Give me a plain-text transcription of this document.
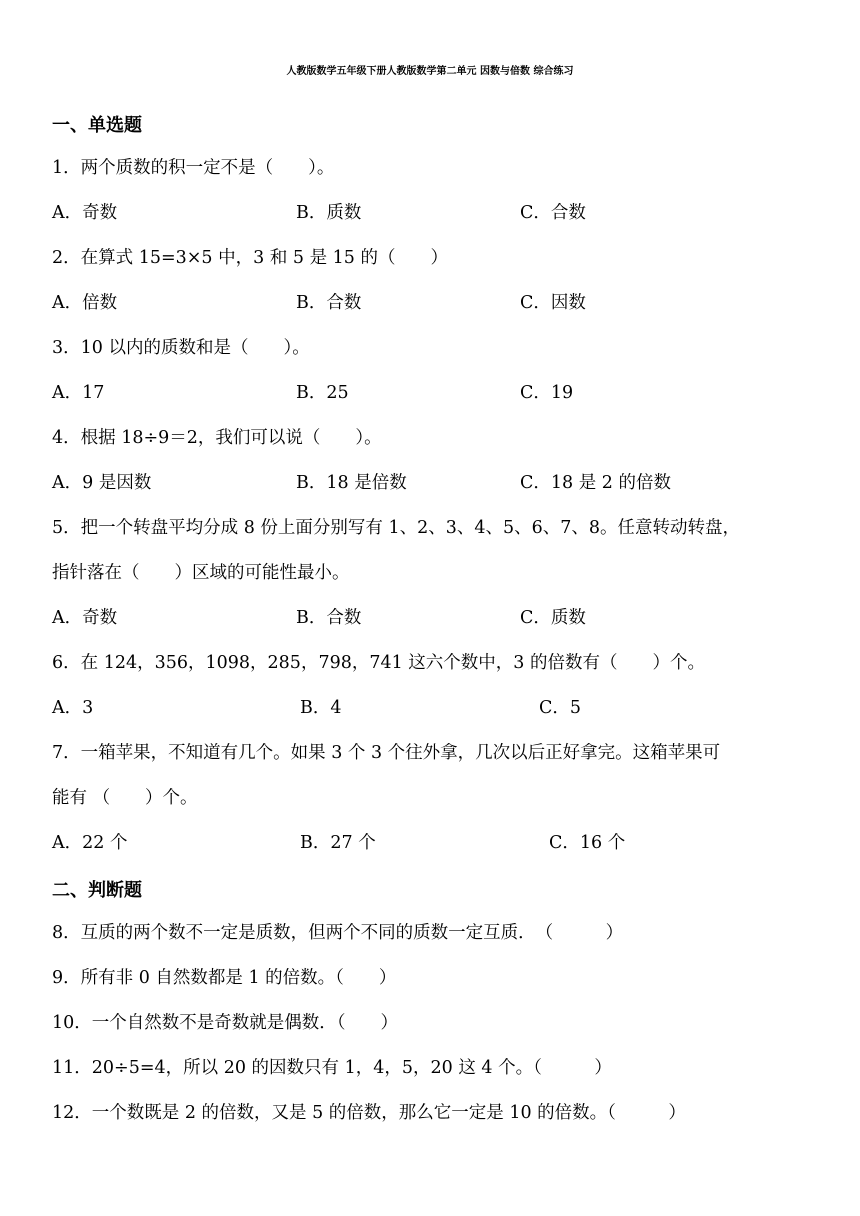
人教版数学五年级下册人教版数学第二单元 因数与倍数 综合练习
一、单选题
1．两个质数的积一定不是（　　）。
A．奇数	B．质数	C．合数
2．在算式 15=3×5 中，3 和 5 是 15 的（　　）
A．倍数	B．合数	C．因数
3．10 以内的质数和是（　　）。
A．17	B．25	C．19
4．根据 18÷9＝2，我们可以说（　　）。
A．9 是因数	B．18 是倍数	C．18 是 2 的倍数
5．把一个转盘平均分成 8 份上面分别写有 1、2、3、4、5、6、7、8。任意转动转盘，
指针落在（　　）区域的可能性最小。
A．奇数	B．合数	C．质数
6．在 124，356，1098，285，798，741 这六个数中，3 的倍数有（　　）个。
A．3	B．4	C．5
7．一箱苹果，不知道有几个。如果 3 个 3 个往外拿，几次以后正好拿完。这箱苹果可
能有 （　　）个。
A．22 个	B．27 个	C．16 个
二、判断题
8．互质的两个数不一定是质数，但两个不同的质数一定互质．　（　　　）
9．所有非 0 自然数都是 1 的倍数。（　　）
10．一个自然数不是奇数就是偶数．（　　）
11．20÷5=4，所以 20 的因数只有 1，4，5，20 这 4 个。（　　　）
12．一个数既是 2 的倍数，又是 5 的倍数，那么它一定是 10 的倍数。（　　　）
